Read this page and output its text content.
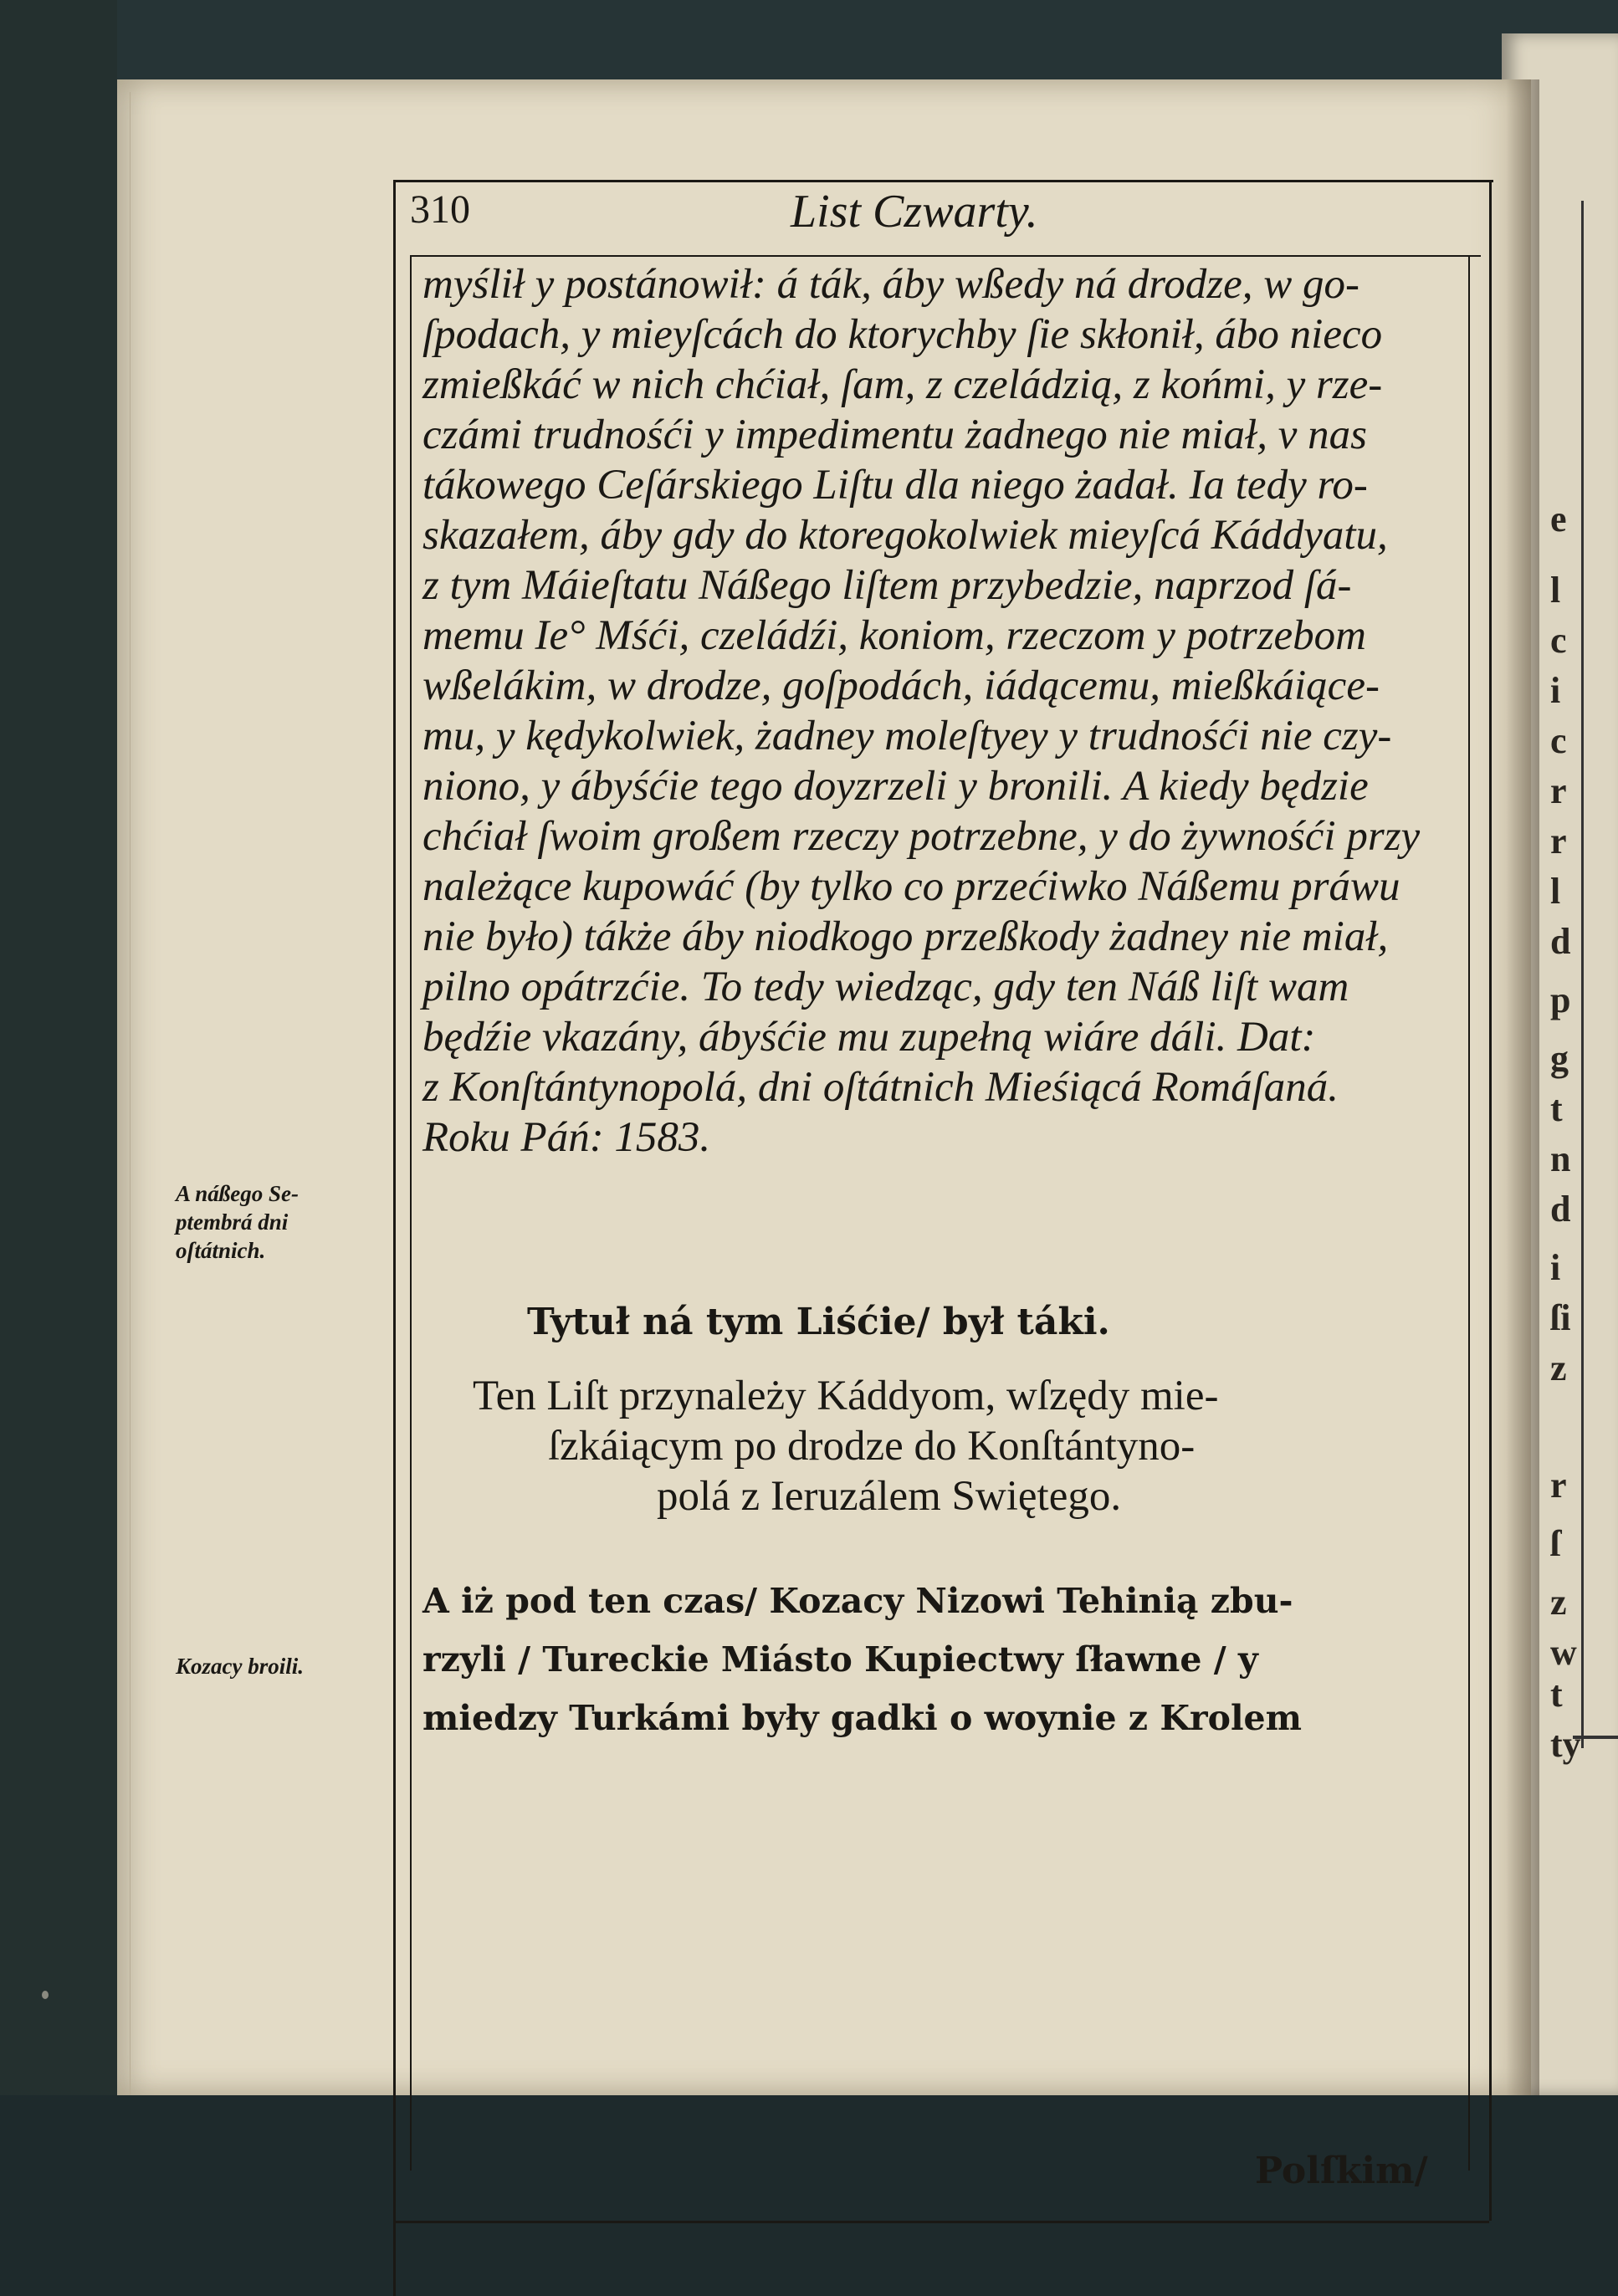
310	List Czwarty.
myślił y postánowił: á ták, áby wßedy ná drodze, w go-
ſpodach, y mieyſcách do ktorychby ſie skłonił, ábo nieco
zmießkáć w nich chćiał, ſam, z czeládzią, z końmi, y rze-
czámi trudnośći y impedimentu żadnego nie miał, v nas
tákowego Ceſárskiego Liſtu dla niego żadał. Ia tedy ro-
skazałem, áby gdy do ktoregokolwiek mieyſcá Káddyatu,
z tym Máieſtatu Náßego liſtem przybedzie, naprzod ſá-
memu Ie° Mśći, czeládźi, koniom, rzeczom y potrzebom
wßelákim, w drodze, goſpodách, iádącemu, mießkáiące-
mu, y kędykolwiek, żadney moleſtyey y trudnośći nie czy-
niono, y ábyśćie tego doyzrzeli y bronili. A kiedy będzie
chćiał ſwoim großem rzeczy potrzebne, y do żywnośći przy
należące kupowáć (by tylko co przećiwko Náßemu práwu
nie było) tákże áby niodkogo przeßkody żadney nie miał,
pilno opátrzćie. To tedy wiedząc, gdy ten Náß liſt wam
będźie vkazány, ábyśćie mu zupełną wiáre dáli. Dat:
z Konſtántynopolá, dni oſtátnich Mieśiącá Romáſaná.
Roku Páń: 1583.
Tytuł ná tym Liśćie/ był táki.
Ten Liſt przynależy Káddyom, wſzędy mie-
ſzkáiącym po drodze do Konſtántyno-
polá z Ieruzálem Swiętego.
A iż pod ten czas/ Kozacy Nizowi Tehinią zbu-
rzyli / Tureckie Miásto Kupiectwy ſławne / y
miedzy Turkámi były gadki o woynie z Krolem
Polſkim/
A náßego Se-
ptembrá dni
oſtátnich.
Kozacy broili.
e
l
c
i
c
r
r
l
d
p
g
t
n
d
i
ſi
z
r
ſ
z
w
t
ty
